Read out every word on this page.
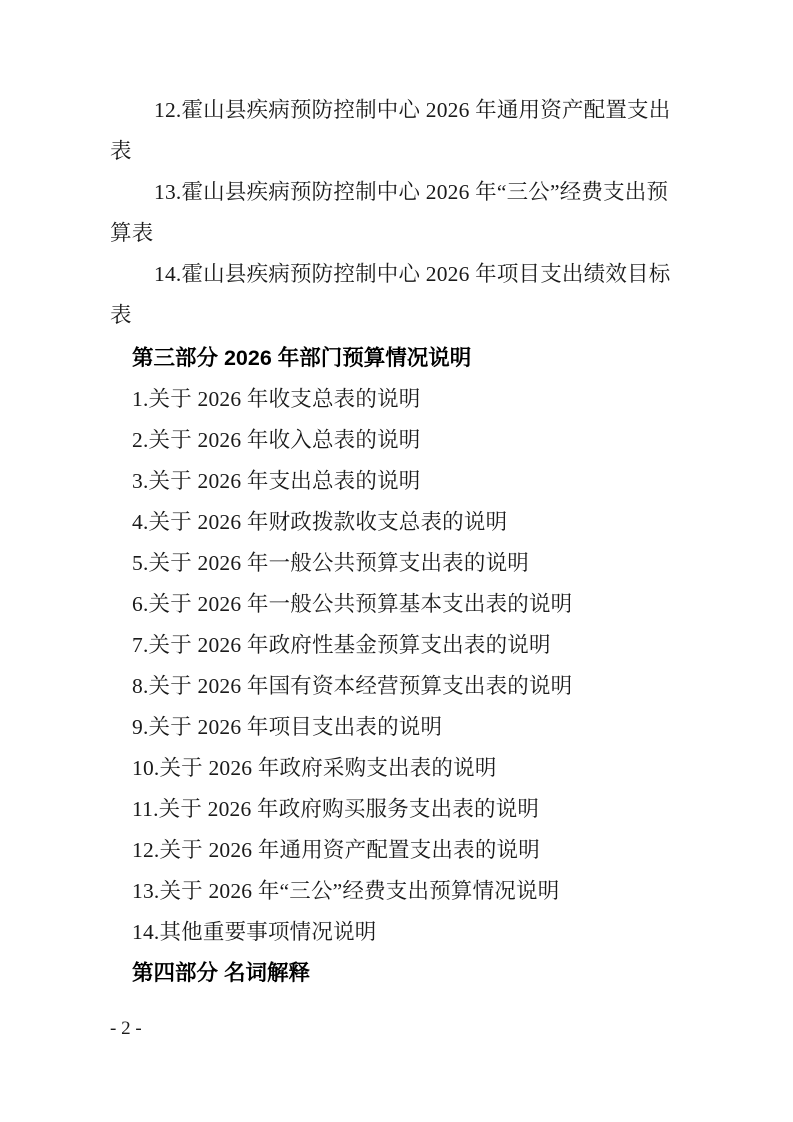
12.霍山县疾病预防控制中心 2026 年通用资产配置支出表
13.霍山县疾病预防控制中心 2026 年“三公”经费支出预算表
14.霍山县疾病预防控制中心 2026 年项目支出绩效目标表
第三部分 2026 年部门预算情况说明
1.关于 2026 年收支总表的说明
2.关于 2026 年收入总表的说明
3.关于 2026 年支出总表的说明
4.关于 2026 年财政拨款收支总表的说明
5.关于 2026 年一般公共预算支出表的说明
6.关于 2026 年一般公共预算基本支出表的说明
7.关于 2026 年政府性基金预算支出表的说明
8.关于 2026 年国有资本经营预算支出表的说明
9.关于 2026 年项目支出表的说明
10.关于 2026 年政府采购支出表的说明
11.关于 2026 年政府购买服务支出表的说明
12.关于 2026 年通用资产配置支出表的说明
13.关于 2026 年“三公”经费支出预算情况说明
14.其他重要事项情况说明
第四部分 名词解释
- 2 -
